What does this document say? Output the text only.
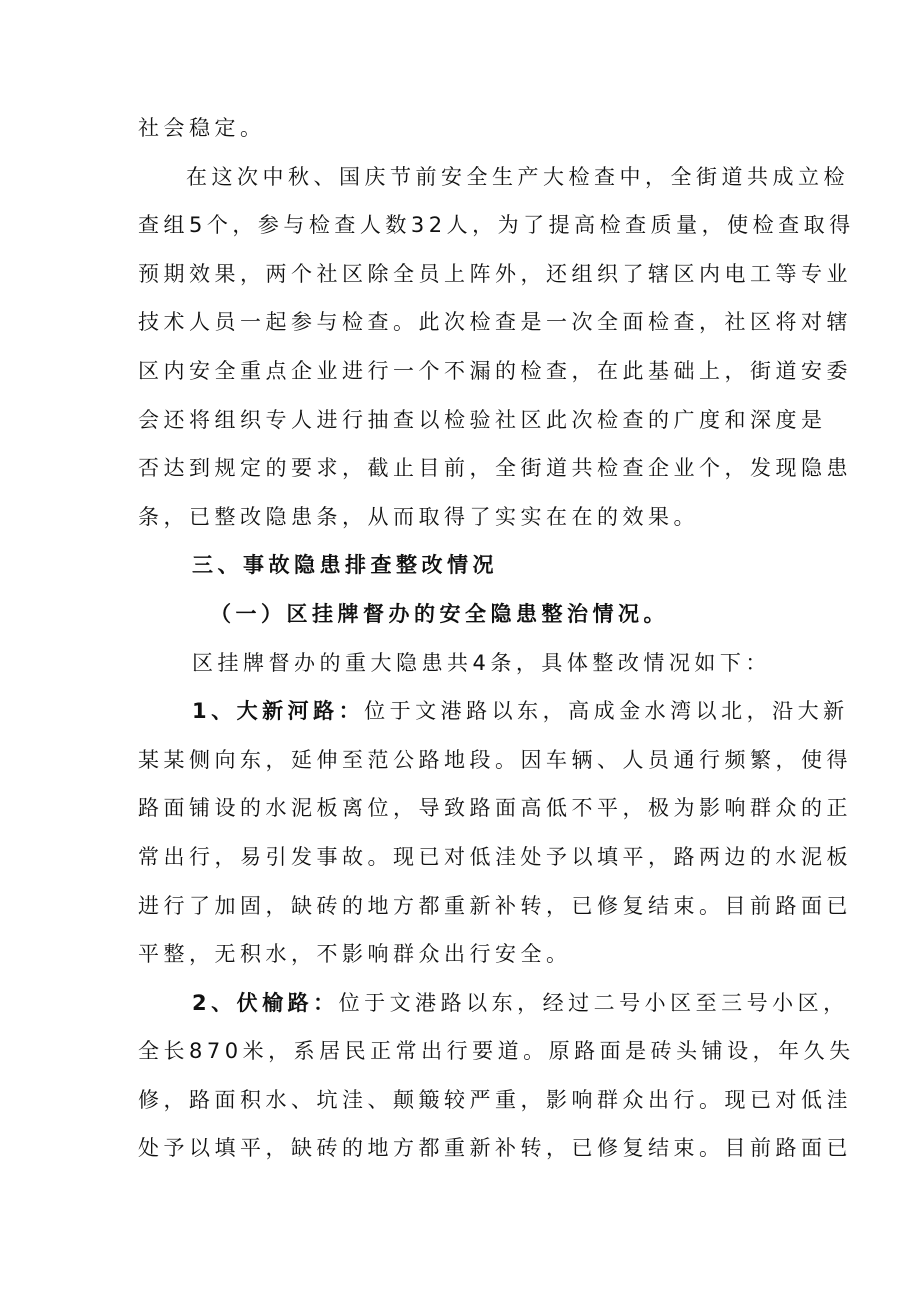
社会稳定。
在这次中秋、国庆节前安全生产大检查中，全街道共成立检
查组5个，参与检查人数32人，为了提高检查质量，使检查取得
预期效果，两个社区除全员上阵外，还组织了辖区内电工等专业
技术人员一起参与检查。此次检查是一次全面检查，社区将对辖
区内安全重点企业进行一个不漏的检查，在此基础上，街道安委
会还将组织专人进行抽查以检验社区此次检查的广度和深度是
否达到规定的要求，截止目前，全街道共检查企业个，发现隐患
条，已整改隐患条，从而取得了实实在在的效果。
三、事故隐患排查整改情况
（一）区挂牌督办的安全隐患整治情况。
区挂牌督办的重大隐患共4条，具体整改情况如下：
1、大新河路：位于文港路以东，高成金水湾以北，沿大新
某某侧向东，延伸至范公路地段。因车辆、人员通行频繁，使得
路面铺设的水泥板离位，导致路面高低不平，极为影响群众的正
常出行，易引发事故。现已对低洼处予以填平，路两边的水泥板
进行了加固，缺砖的地方都重新补转，已修复结束。目前路面已
平整，无积水，不影响群众出行安全。
2、伏榆路：位于文港路以东，经过二号小区至三号小区，
全长870米，系居民正常出行要道。原路面是砖头铺设，年久失
修，路面积水、坑洼、颠簸较严重，影响群众出行。现已对低洼
处予以填平，缺砖的地方都重新补转，已修复结束。目前路面已
